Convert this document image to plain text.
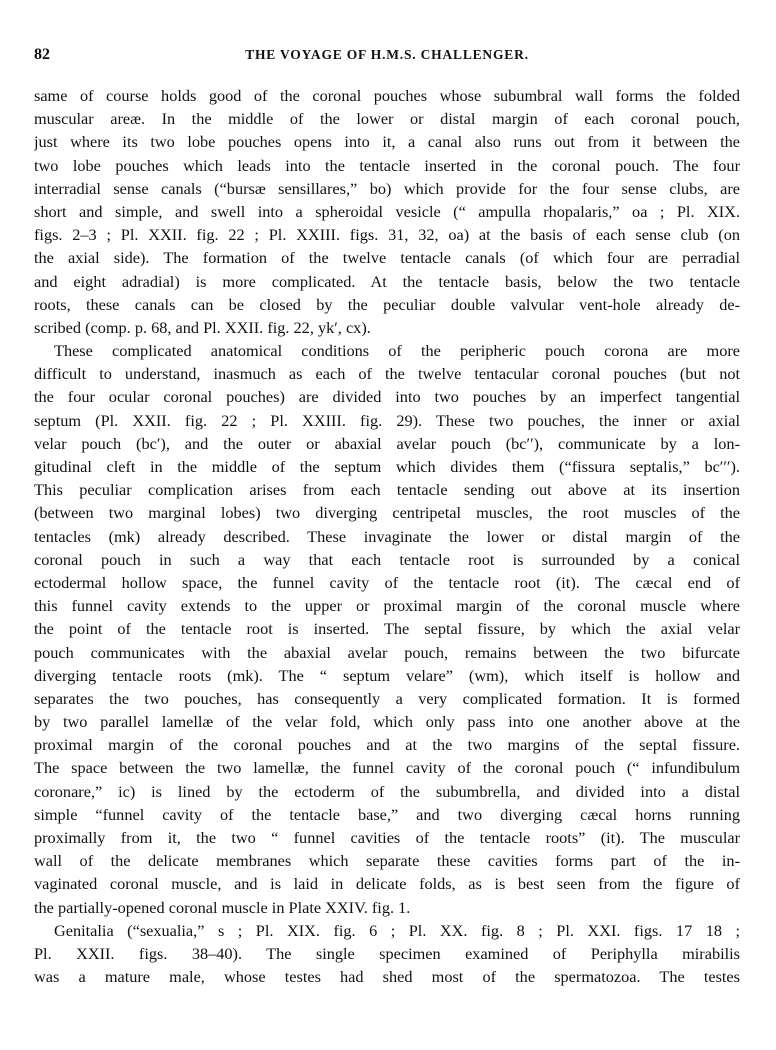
82	THE VOYAGE OF H.M.S. CHALLENGER.
same of course holds good of the coronal pouches whose subumbral wall forms the folded
muscular areæ. In the middle of the lower or distal margin of each coronal pouch,
just where its two lobe pouches opens into it, a canal also runs out from it between the
two lobe pouches which leads into the tentacle inserted in the coronal pouch. The four
interradial sense canals (“bursæ sensillares,” bo) which provide for the four sense clubs, are
short and simple, and swell into a spheroidal vesicle (“ ampulla rhopalaris,” oa ; Pl. XIX.
figs. 2–3 ; Pl. XXII. fig. 22 ; Pl. XXIII. figs. 31, 32, oa) at the basis of each sense club (on
the axial side). The formation of the twelve tentacle canals (of which four are perradial
and eight adradial) is more complicated. At the tentacle basis, below the two tentacle
roots, these canals can be closed by the peculiar double valvular vent-hole already de-
scribed (comp. p. 68, and Pl. XXII. fig. 22, yk′, cx).
These complicated anatomical conditions of the peripheric pouch corona are more
difficult to understand, inasmuch as each of the twelve tentacular coronal pouches (but not
the four ocular coronal pouches) are divided into two pouches by an imperfect tangential
septum (Pl. XXII. fig. 22 ; Pl. XXIII. fig. 29). These two pouches, the inner or axial
velar pouch (bc′), and the outer or abaxial avelar pouch (bc′′), communicate by a lon-
gitudinal cleft in the middle of the septum which divides them (“fissura septalis,” bc′′′).
This peculiar complication arises from each tentacle sending out above at its insertion
(between two marginal lobes) two diverging centripetal muscles, the root muscles of the
tentacles (mk) already described. These invaginate the lower or distal margin of the
coronal pouch in such a way that each tentacle root is surrounded by a conical
ectodermal hollow space, the funnel cavity of the tentacle root (it). The cæcal end of
this funnel cavity extends to the upper or proximal margin of the coronal muscle where
the point of the tentacle root is inserted. The septal fissure, by which the axial velar
pouch communicates with the abaxial avelar pouch, remains between the two bifurcate
diverging tentacle roots (mk). The “ septum velare” (wm), which itself is hollow and
separates the two pouches, has consequently a very complicated formation. It is formed
by two parallel lamellæ of the velar fold, which only pass into one another above at the
proximal margin of the coronal pouches and at the two margins of the septal fissure.
The space between the two lamellæ, the funnel cavity of the coronal pouch (“ infundibulum
coronare,” ic) is lined by the ectoderm of the subumbrella, and divided into a distal
simple “funnel cavity of the tentacle base,” and two diverging cæcal horns running
proximally from it, the two “ funnel cavities of the tentacle roots” (it). The muscular
wall of the delicate membranes which separate these cavities forms part of the in-
vaginated coronal muscle, and is laid in delicate folds, as is best seen from the figure of
the partially-opened coronal muscle in Plate XXIV. fig. 1.
Genitalia (“sexualia,” s ; Pl. XIX. fig. 6 ; Pl. XX. fig. 8 ; Pl. XXI. figs. 17 18 ;
Pl. XXII. figs. 38–40). The single specimen examined of Periphylla mirabilis
was a mature male, whose testes had shed most of the spermatozoa. The testes
